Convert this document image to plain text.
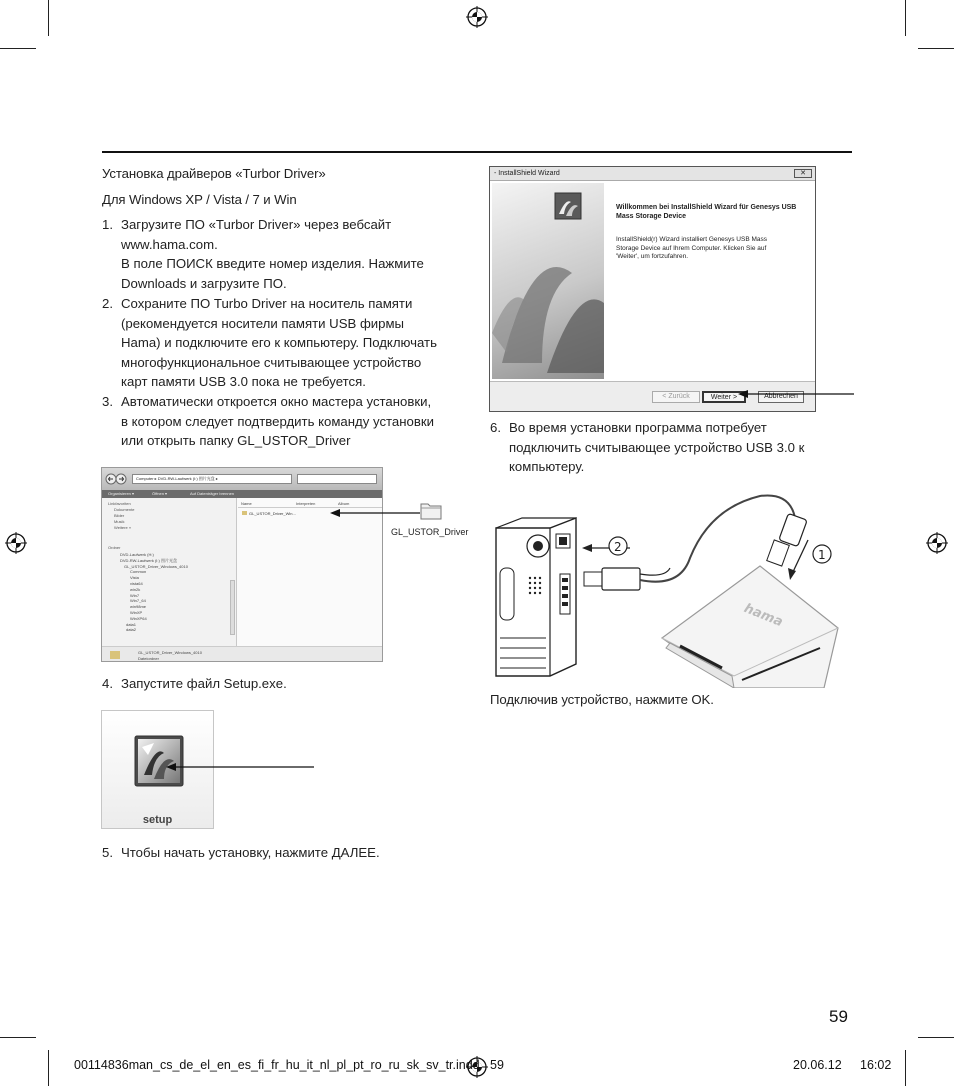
Установка драйверов «Turbor Driver»
Для Windows XP / Vista / 7 и Win
1. Загрузите ПО «Turbor Driver» через вебсайт
www.hama.com.
В поле ПОИСК введите номер изделия. Нажмите
Downloads и загрузите ПО.
2. Сохраните ПО Turbo Driver на носитель памяти
(рекомендуется носители памяти USB фирмы
Hama) и подключите его к компьютеру. Подключать
многофункциональное считывающее устройство
карт памяти USB 3.0 пока не требуется.
3. Автоматически откроется окно мастера установки,
в котором следует подтвердить команду установки
или открыть папку GL_USTOR_Driver
Computer ▸ DVD-RW-Laufwerk (I:) 图片光盘 ▸
Organisieren ▾	Öffnen ▾	Auf Datenträger brennen
Linkfavoriten
Dokumente
Bilder
Musik
Weitere »
Ordner
DVD-Laufwerk (H:)
DVD-RW-Laufwerk (I:) 图片光盘
GL_USTOR_Driver_Windows_4010
Common
Vista
vista64
win2k
Win7
Win7_64
win98me
WinXP
WinXP64
data1
data2
Name	Interpreten	Album
GL_USTOR_Driver_Win...
GL_USTOR_Driver_Windows_4010
Dateiordner
GL_USTOR_Driver
4. Запустите файл Setup.exe.
setup
5. Чтобы начать установку, нажмите ДАЛЕЕ.
- InstallShield Wizard	✕
Willkommen bei InstallShield Wizard für Genesys USB Mass Storage Device
InstallShield(r) Wizard installiert Genesys USB Mass Storage Device auf Ihrem Computer. Klicken Sie auf 'Weiter', um fortzufahren.
< Zurück	Weiter >	Abbrechen
6. Во время установки программа потребует
подключить считывающее устройство USB 3.0 к
компьютеру.
2
1
hama
Подключив устройство, нажмите OK.
59
00114836man_cs_de_el_en_es_fi_fr_hu_it_nl_pl_pt_ro_ru_sk_sv_tr.indd   59	20.06.12 16:02
